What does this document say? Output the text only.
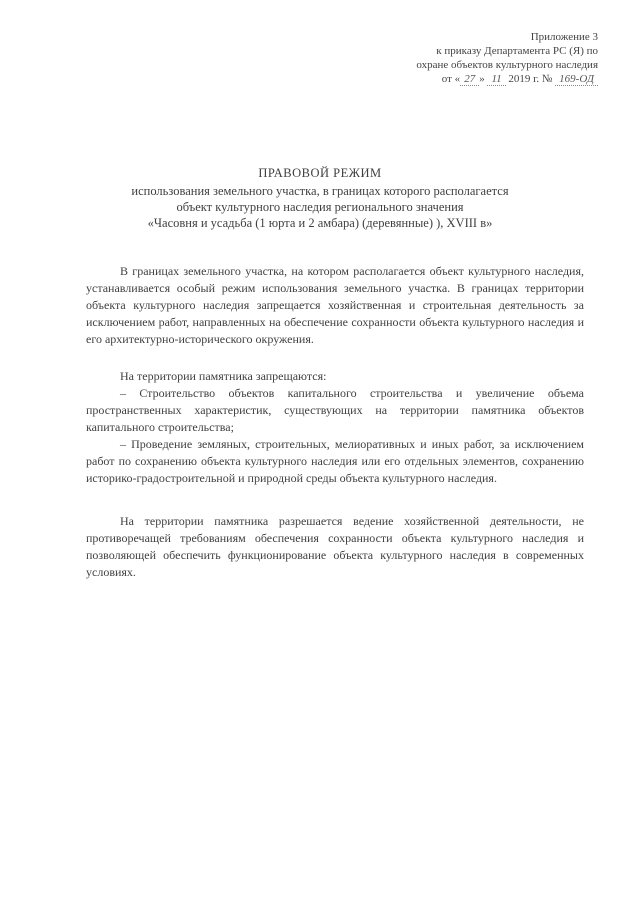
Приложение 3
к приказу Департамента РС (Я) по
охране объектов культурного наследия
от « 27 » 11 2019 г. № 169-ОД
ПРАВОВОЙ РЕЖИМ
использования земельного участка, в границах которого располагается
объект культурного наследия регионального значения
«Часовня и усадьба (1 юрта и 2 амбара) (деревянные) ), XVIII в»

В границах земельного участка, на котором располагается объект культурного наследия, устанавливается особый режим использования земельного участка. В границах территории объекта культурного наследия запрещается хозяйственная и строительная деятельность за исключением работ, направленных на обеспечение сохранности объекта культурного наследия и его архитектурно-исторического окружения.

На территории памятника запрещаются:

– Строительство объектов капитального строительства и увеличение объема пространственных характеристик, существующих на территории памятника объектов капитального строительства;

– Проведение земляных, строительных, мелиоративных и иных работ, за исключением работ по сохранению объекта культурного наследия или его отдельных элементов, сохранению историко-градостроительной и природной среды объекта культурного наследия.

На территории памятника разрешается ведение хозяйственной деятельности, не противоречащей требованиям обеспечения сохранности объекта культурного наследия и позволяющей обеспечить функционирование объекта культурного наследия в современных условиях.
